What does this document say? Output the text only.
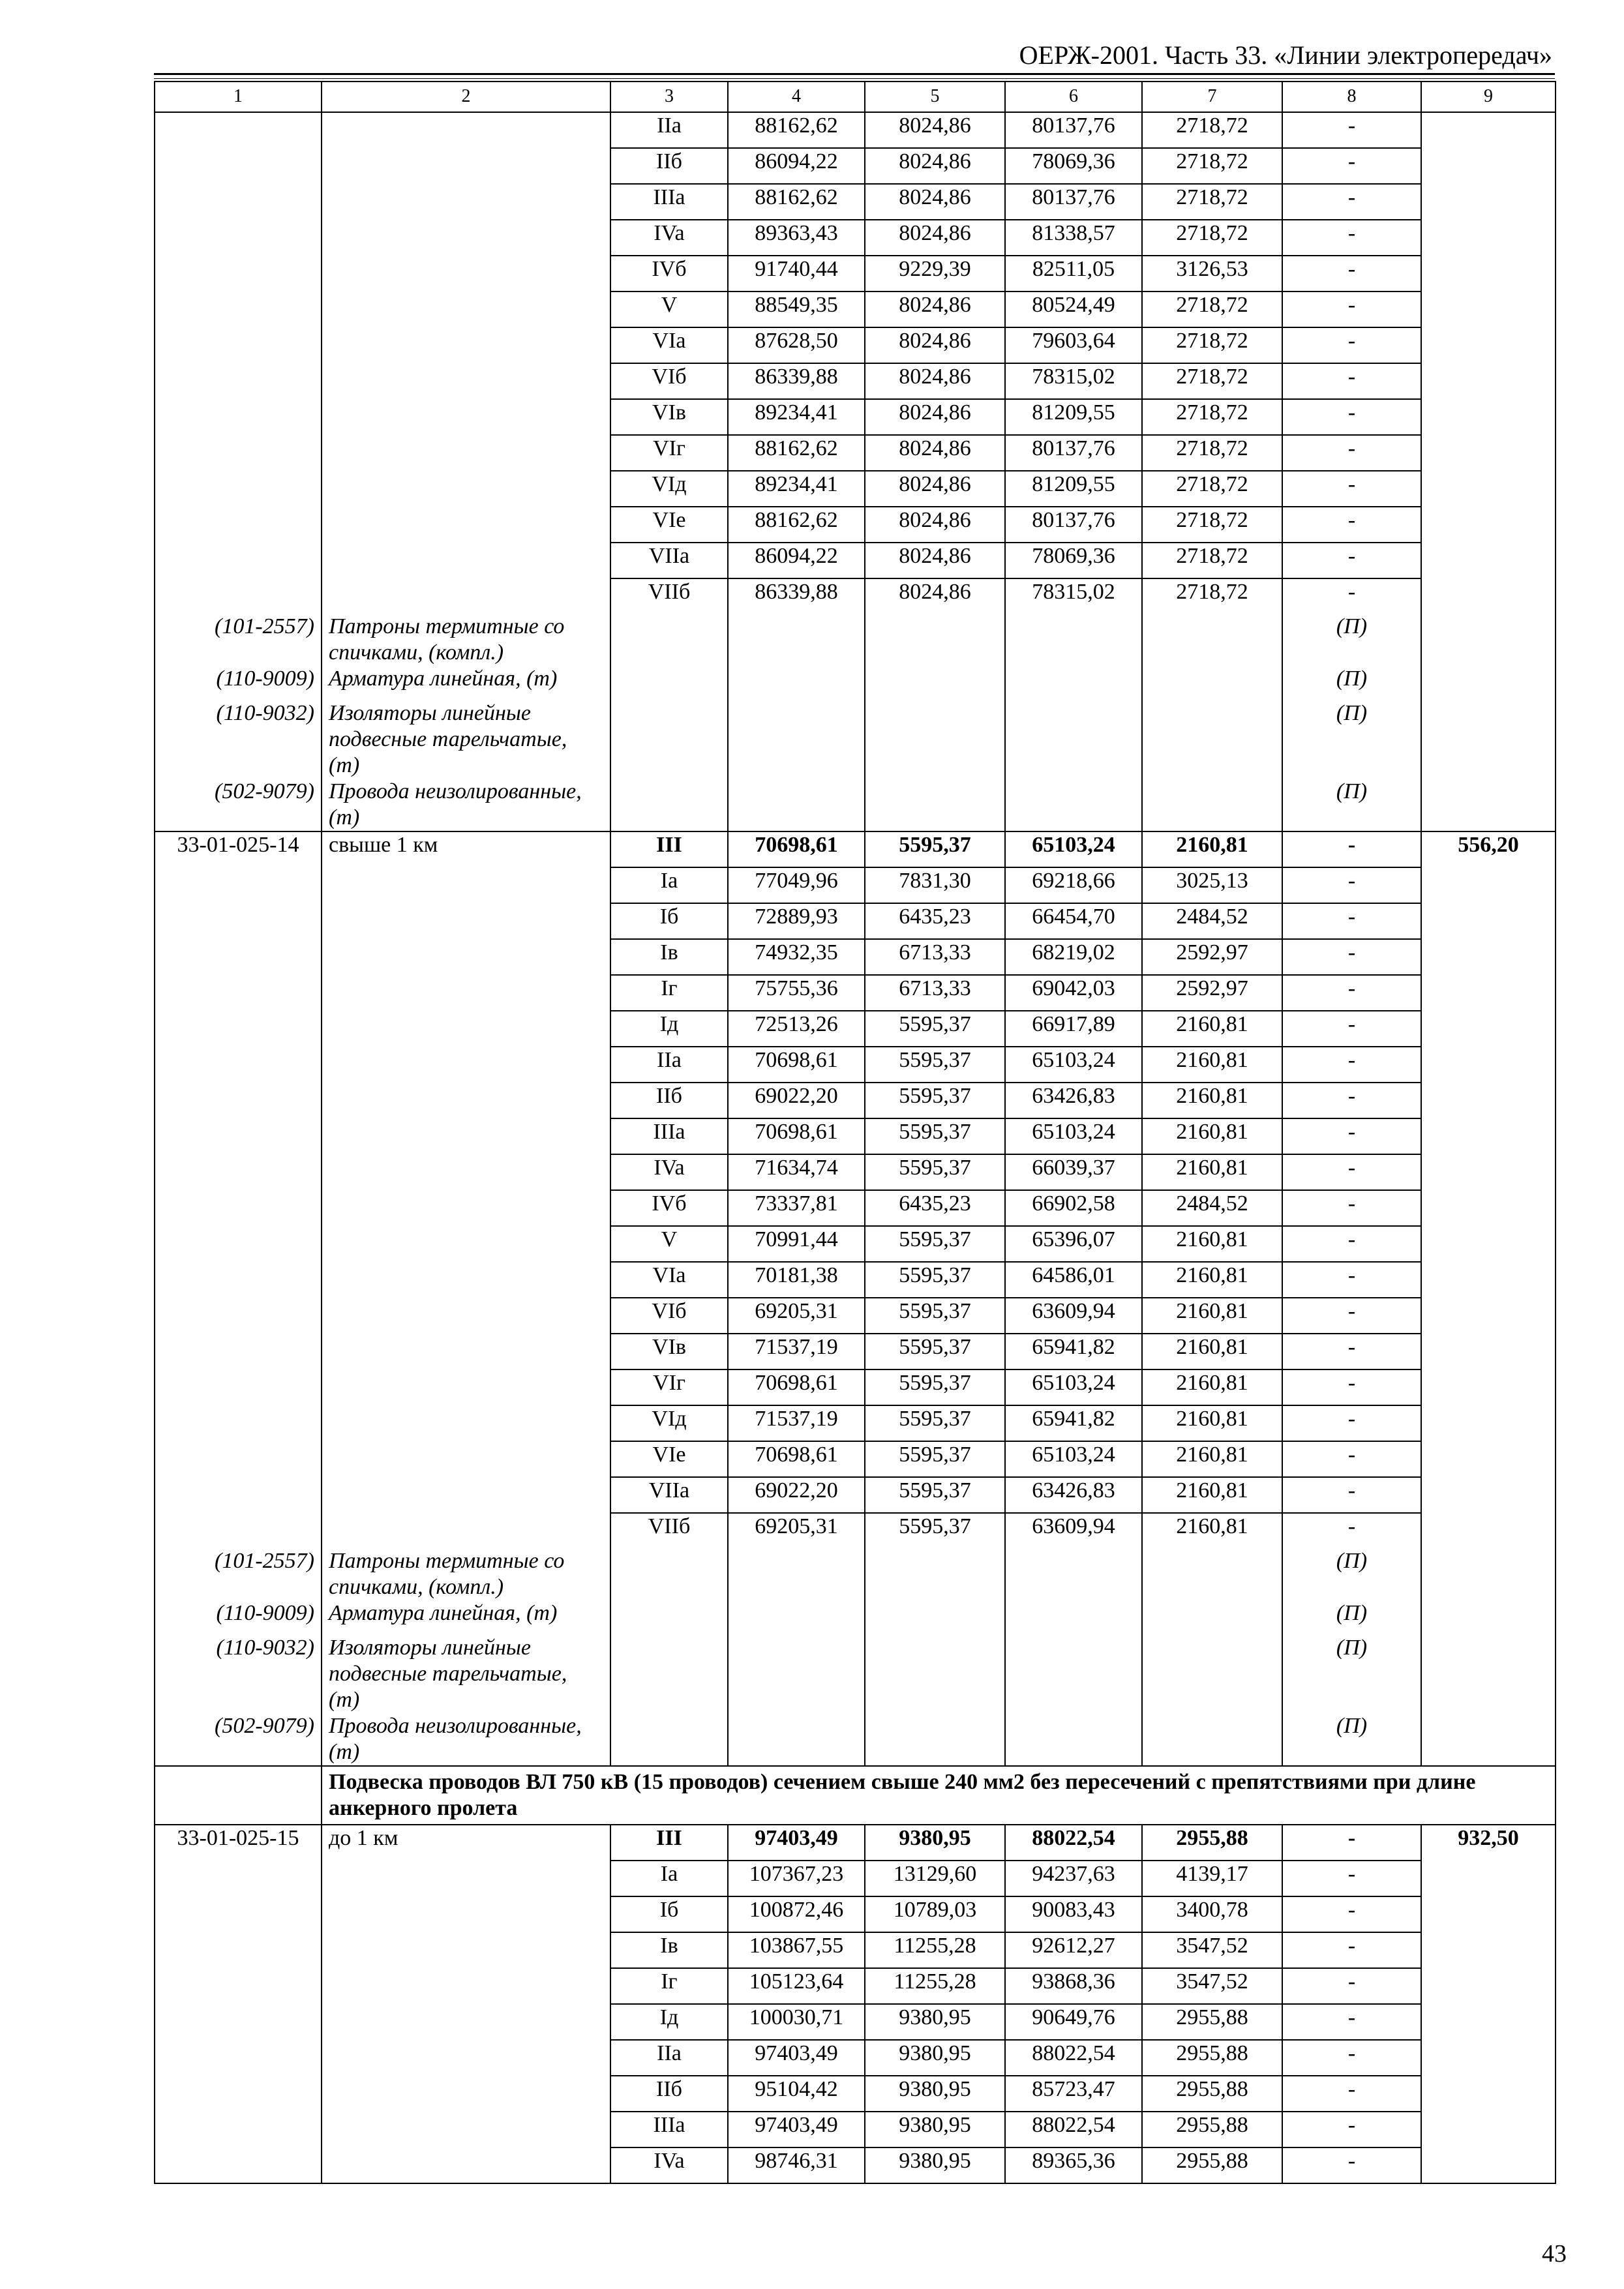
ОЕРЖ-2001. Часть 33. «Линии электропередач»
1	2	3	4	5	6	7	8	9
		IIa	88162,62	8024,86	80137,76	2718,72	-	
		IIб	86094,22	8024,86	78069,36	2718,72	-	
		IIIa	88162,62	8024,86	80137,76	2718,72	-	
		IVa	89363,43	8024,86	81338,57	2718,72	-	
		IVб	91740,44	9229,39	82511,05	3126,53	-	
		V	88549,35	8024,86	80524,49	2718,72	-	
		VIa	87628,50	8024,86	79603,64	2718,72	-	
		VIб	86339,88	8024,86	78315,02	2718,72	-	
		VIв	89234,41	8024,86	81209,55	2718,72	-	
		VIг	88162,62	8024,86	80137,76	2718,72	-	
		VIд	89234,41	8024,86	81209,55	2718,72	-	
		VIe	88162,62	8024,86	80137,76	2718,72	-	
		VIIa	86094,22	8024,86	78069,36	2718,72	-	
		VIIб	86339,88	8024,86	78315,02	2718,72	-	
(101-2557)	Патроны термитные со спичками, (компл.)						(П)	
(110-9009)	Арматура линейная, (т)						(П)	
(110-9032)	Изоляторы линейные подвесные тарельчатые, (т)						(П)	
(502-9079)	Провода неизолированные, (т)						(П)	
33-01-025-14	свыше 1 км	III	70698,61	5595,37	65103,24	2160,81	-	556,20
		Ia	77049,96	7831,30	69218,66	3025,13	-	
		Iб	72889,93	6435,23	66454,70	2484,52	-	
		Iв	74932,35	6713,33	68219,02	2592,97	-	
		Iг	75755,36	6713,33	69042,03	2592,97	-	
		Iд	72513,26	5595,37	66917,89	2160,81	-	
		IIa	70698,61	5595,37	65103,24	2160,81	-	
		IIб	69022,20	5595,37	63426,83	2160,81	-	
		IIIa	70698,61	5595,37	65103,24	2160,81	-	
		IVa	71634,74	5595,37	66039,37	2160,81	-	
		IVб	73337,81	6435,23	66902,58	2484,52	-	
		V	70991,44	5595,37	65396,07	2160,81	-	
		VIa	70181,38	5595,37	64586,01	2160,81	-	
		VIб	69205,31	5595,37	63609,94	2160,81	-	
		VIв	71537,19	5595,37	65941,82	2160,81	-	
		VIг	70698,61	5595,37	65103,24	2160,81	-	
		VIд	71537,19	5595,37	65941,82	2160,81	-	
		VIe	70698,61	5595,37	65103,24	2160,81	-	
		VIIa	69022,20	5595,37	63426,83	2160,81	-	
		VIIб	69205,31	5595,37	63609,94	2160,81	-	
(101-2557)	Патроны термитные со спичками, (компл.)						(П)	
(110-9009)	Арматура линейная, (т)						(П)	
(110-9032)	Изоляторы линейные подвесные тарельчатые, (т)						(П)	
(502-9079)	Провода неизолированные, (т)						(П)	
	Подвеска проводов ВЛ 750 кВ (15 проводов) сечением свыше 240 мм2 без пересечений с препятствиями при длине анкерного пролета							
33-01-025-15	до 1 км	III	97403,49	9380,95	88022,54	2955,88	-	932,50
		Ia	107367,23	13129,60	94237,63	4139,17	-	
		Iб	100872,46	10789,03	90083,43	3400,78	-	
		Iв	103867,55	11255,28	92612,27	3547,52	-	
		Iг	105123,64	11255,28	93868,36	3547,52	-	
		Iд	100030,71	9380,95	90649,76	2955,88	-	
		IIa	97403,49	9380,95	88022,54	2955,88	-	
		IIб	95104,42	9380,95	85723,47	2955,88	-	
		IIIa	97403,49	9380,95	88022,54	2955,88	-	
		IVa	98746,31	9380,95	89365,36	2955,88	-	
43
